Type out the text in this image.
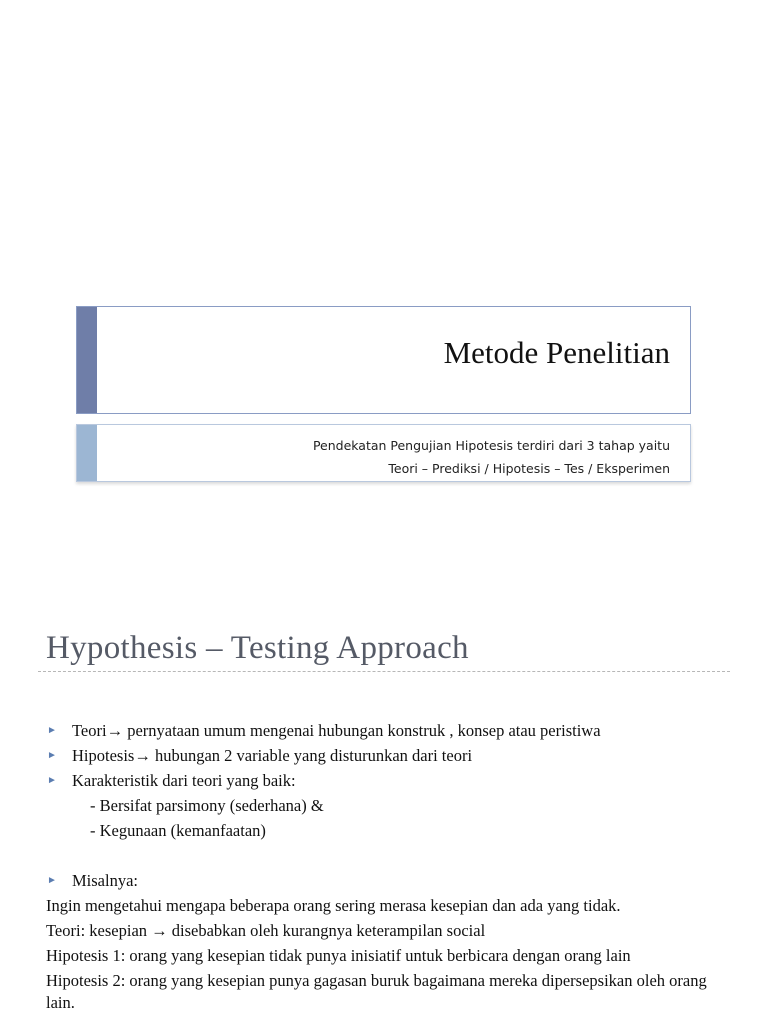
Metode Penelitian
Pendekatan Pengujian Hipotesis terdiri dari 3 tahap yaitu
Teori – Prediksi / Hipotesis – Tes / Eksperimen
Hypothesis – Testing Approach
► Teori→ pernyataan umum mengenai hubungan konstruk , konsep atau peristiwa
► Hipotesis→ hubungan 2 variable yang disturunkan dari teori
► Karakteristik dari teori yang baik:
- Bersifat parsimony (sederhana) &
- Kegunaan (kemanfaatan)
► Misalnya:
Ingin mengetahui mengapa beberapa orang sering merasa kesepian dan ada yang tidak.
Teori: kesepian → disebabkan oleh kurangnya keterampilan social
Hipotesis 1: orang yang kesepian tidak punya inisiatif untuk berbicara dengan orang lain
Hipotesis 2: orang yang kesepian punya gagasan buruk bagaimana mereka dipersepsikan oleh orang lain.
